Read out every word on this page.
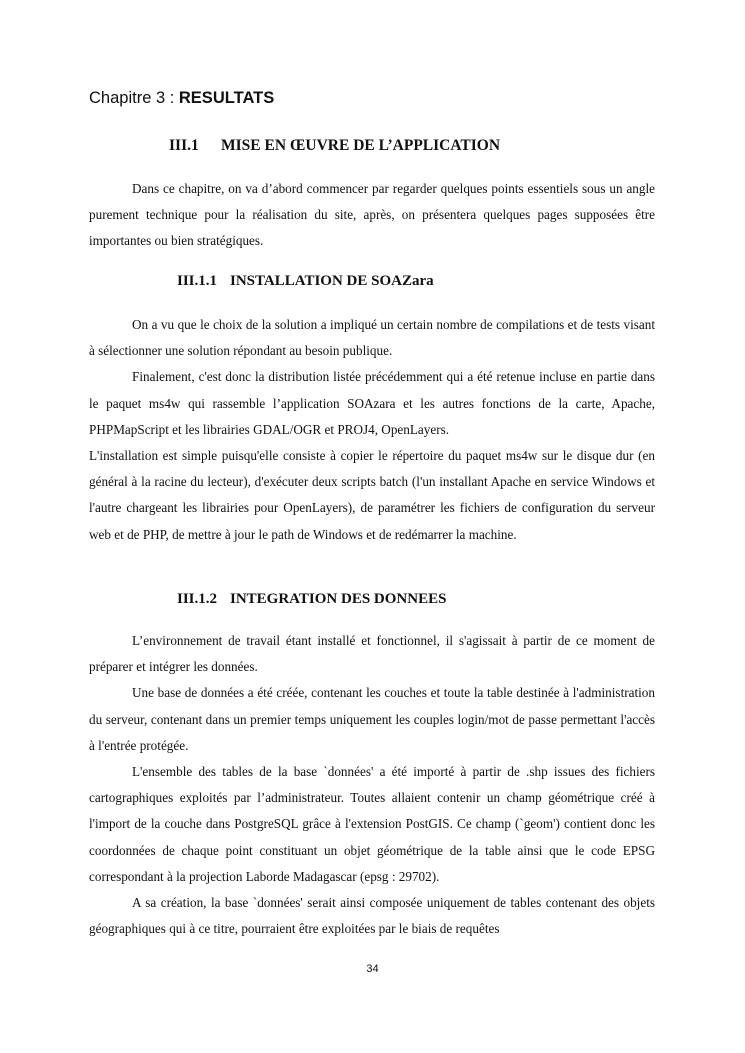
Chapitre 3 : RESULTATS
III.1 MISE EN ŒUVRE DE L’APPLICATION

Dans ce chapitre, on va d’abord commencer par regarder quelques points essentiels sous un angle purement technique pour la réalisation du site, après, on présentera quelques pages supposées être importantes ou bien stratégiques.

III.1.1 INSTALLATION DE SOAZara

On a vu que le choix de la solution a impliqué un certain nombre de compilations et de tests visant à sélectionner une solution répondant au besoin publique.

Finalement, c'est donc la distribution listée précédemment qui a été retenue incluse en partie dans le paquet ms4w qui rassemble l’application SOAzara et les autres fonctions de la carte, Apache, PHPMapScript et les librairies GDAL/OGR et PROJ4, OpenLayers.

L'installation est simple puisqu'elle consiste à copier le répertoire du paquet ms4w sur le disque dur (en général à la racine du lecteur), d'exécuter deux scripts batch (l'un installant Apache en service Windows et l'autre chargeant les librairies pour OpenLayers), de paramétrer les fichiers de configuration du serveur web et de PHP, de mettre à jour le path de Windows et de redémarrer la machine.

III.1.2 INTEGRATION DES DONNEES

L’environnement de travail étant installé et fonctionnel, il s'agissait à partir de ce moment de préparer et intégrer les données.

Une base de données a été créée, contenant les couches et toute la table destinée à l'administration du serveur, contenant dans un premier temps uniquement les couples login/mot de passe permettant l'accès à l'entrée protégée.

L'ensemble des tables de la base `données' a été importé à partir de .shp issues des fichiers cartographiques exploités par l’administrateur. Toutes allaient contenir un champ géométrique créé à l'import de la couche dans PostgreSQL grâce à l'extension PostGIS. Ce champ (`geom') contient donc les coordonnées de chaque point constituant un objet géométrique de la table ainsi que le code EPSG correspondant à la projection Laborde Madagascar (epsg : 29702).

A sa création, la base `données' serait ainsi composée uniquement de tables contenant des objets géographiques qui à ce titre, pourraient être exploitées par le biais de requêtes

34
